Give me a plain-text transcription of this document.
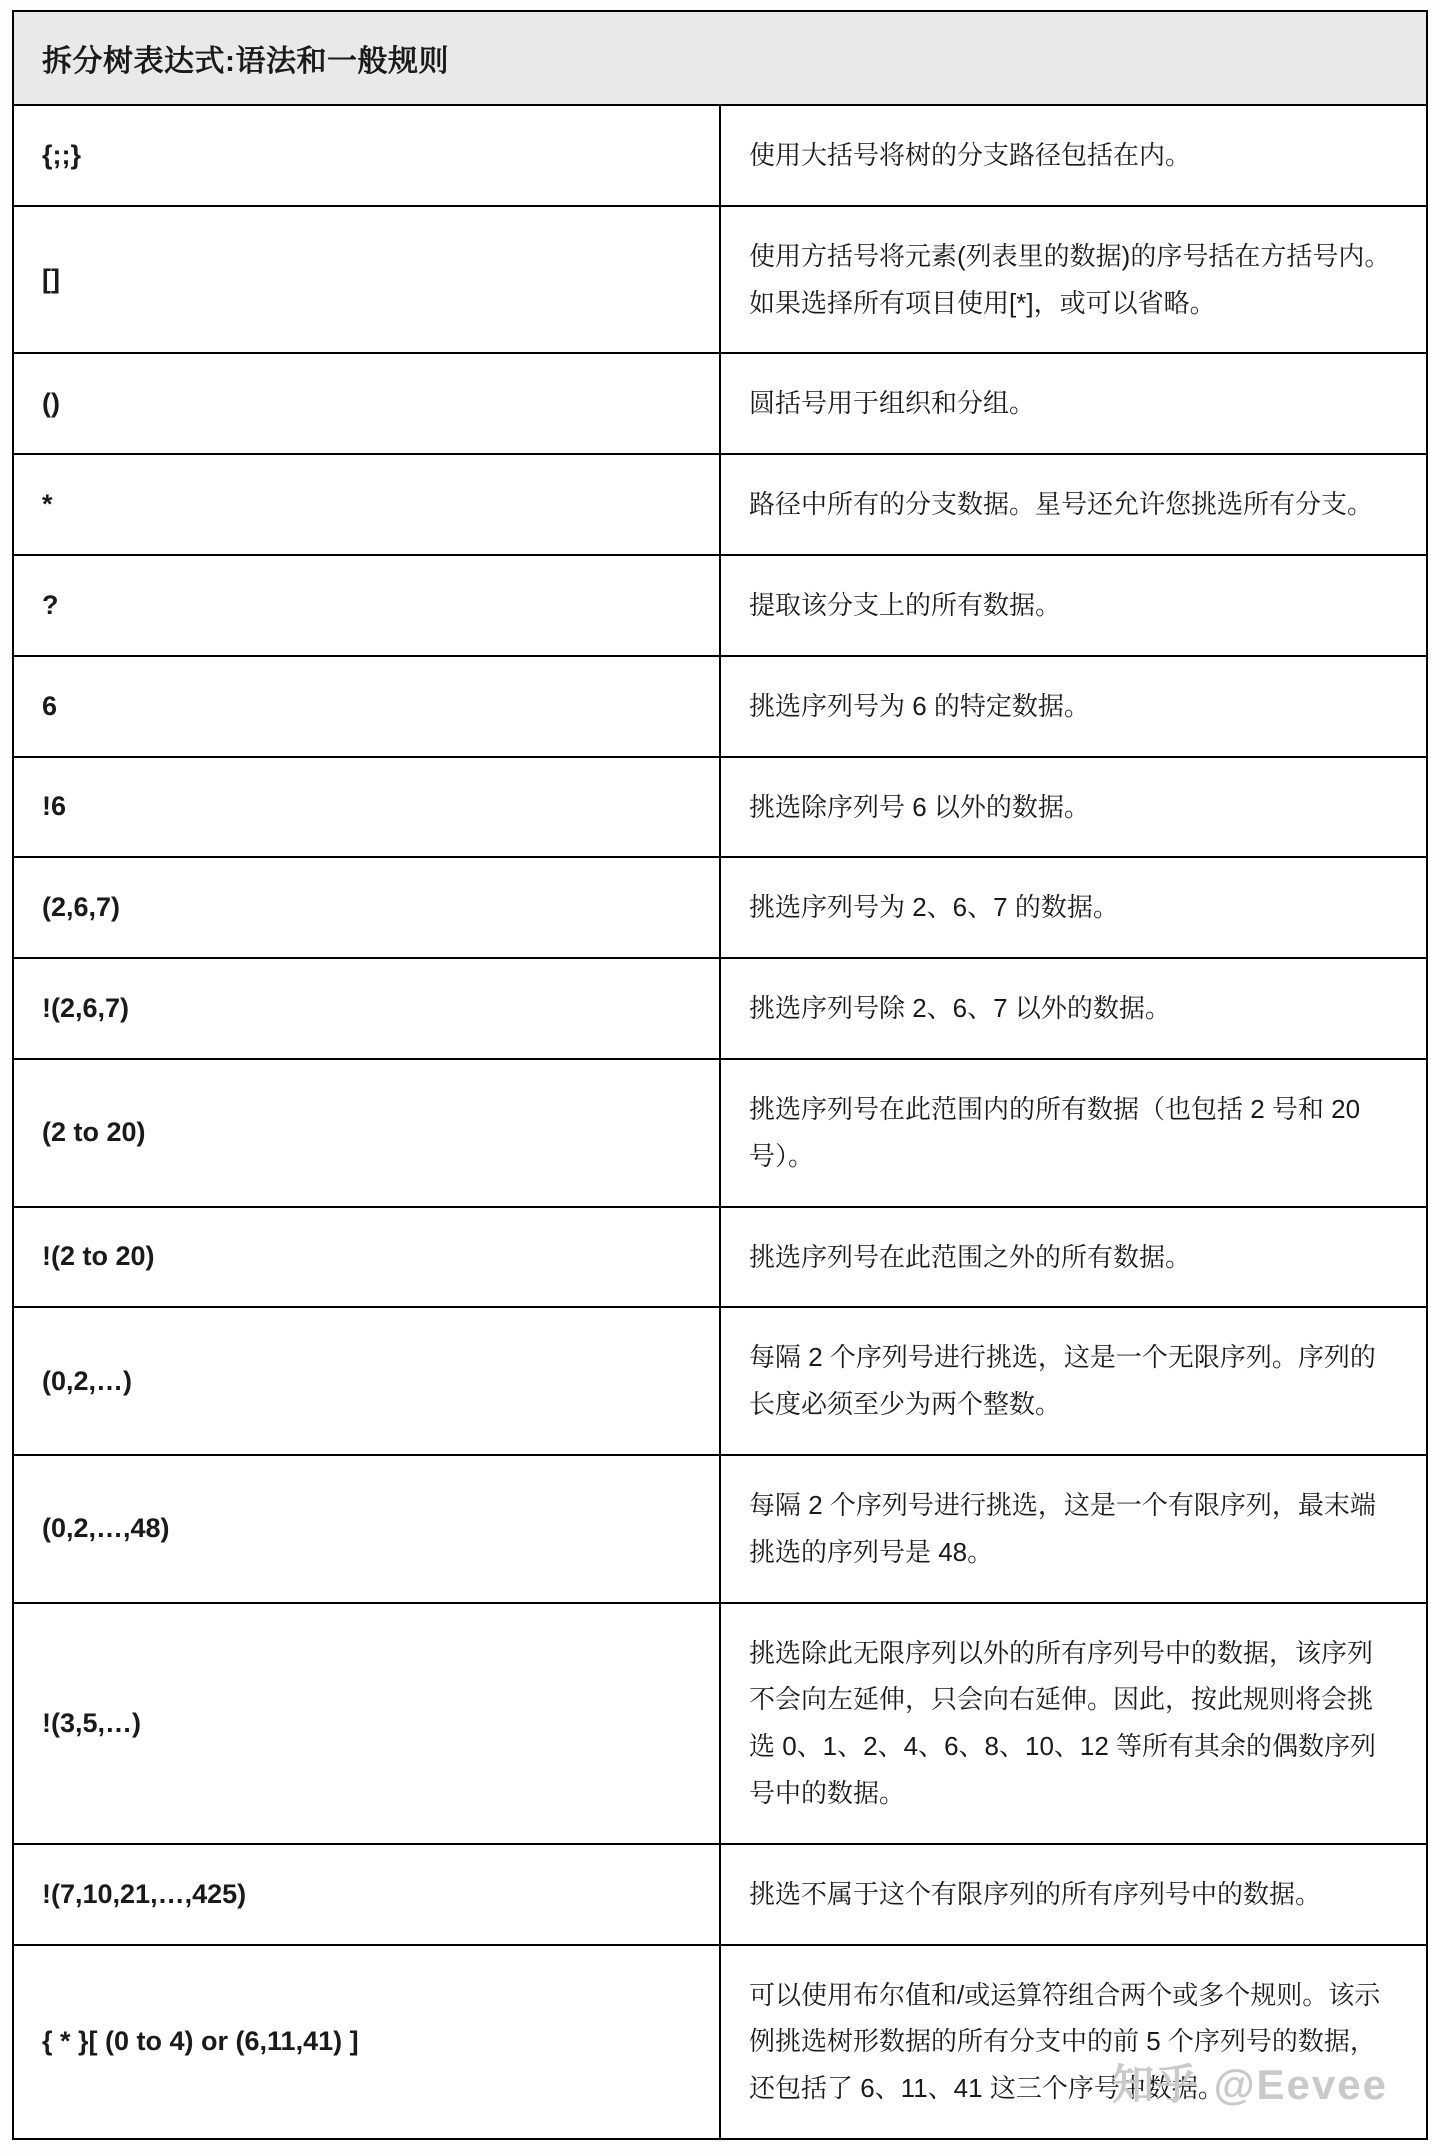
拆分树表达式:语法和一般规则	
{;;}	使用大括号将树的分支路径包括在内。
[]	使用方括号将元素(列表里的数据)的序号括在方括号内。如果选择所有项目使用[*]，或可以省略。
()	圆括号用于组织和分组。
*	路径中所有的分支数据。星号还允许您挑选所有分支。
?	提取该分支上的所有数据。
6	挑选序列号为 6 的特定数据。
!6	挑选除序列号 6 以外的数据。
(2,6,7)	挑选序列号为 2、6、7 的数据。
!(2,6,7)	挑选序列号除 2、6、7 以外的数据。
(2 to 20)	挑选序列号在此范围内的所有数据（也包括 2 号和 20 号）。
!(2 to 20)	挑选序列号在此范围之外的所有数据。
(0,2,…)	每隔 2 个序列号进行挑选，这是一个无限序列。序列的长度必须至少为两个整数。
(0,2,…,48)	每隔 2 个序列号进行挑选，这是一个有限序列，最末端挑选的序列号是 48。
!(3,5,…)	挑选除此无限序列以外的所有序列号中的数据，该序列不会向左延伸，只会向右延伸。因此，按此规则将会挑选 0、1、2、4、6、8、10、12 等所有其余的偶数序列号中的数据。
!(7,10,21,…,425)	挑选不属于这个有限序列的所有序列号中的数据。
{ * }[ (0 to 4) or (6,11,41) ]	可以使用布尔值和/或运算符组合两个或多个规则。该示例挑选树形数据的所有分支中的前 5 个序列号的数据，还包括了 6、11、41 这三个序号中数据。
知乎 @Eevee
